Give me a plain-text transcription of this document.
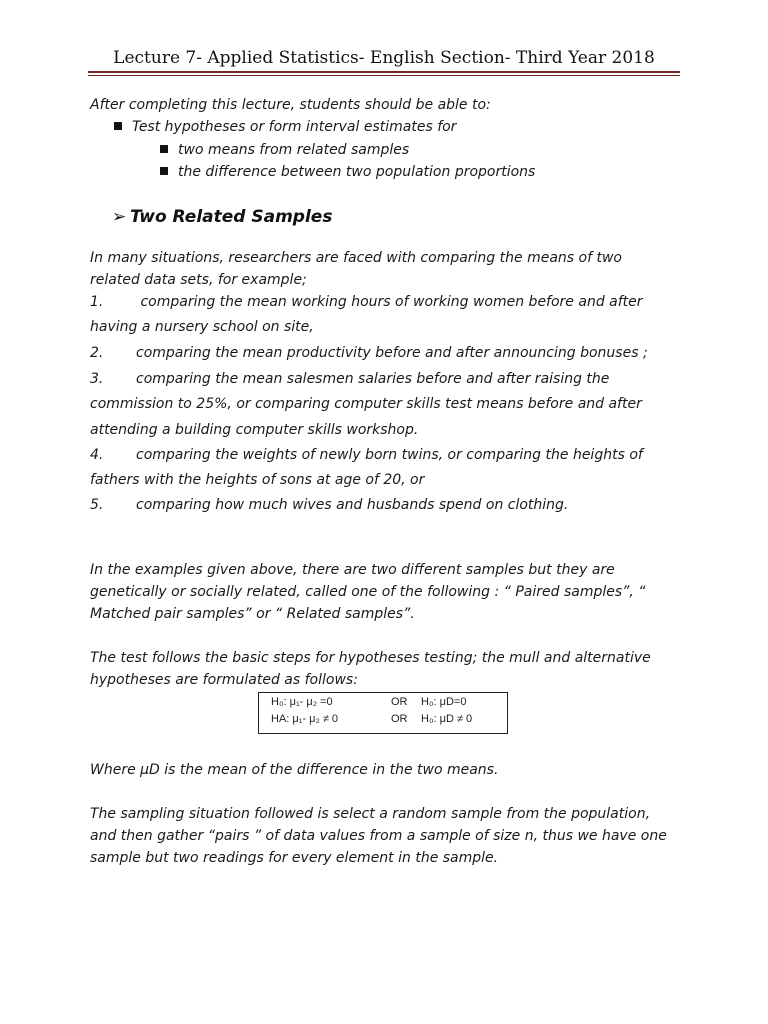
Lecture 7- Applied Statistics- English Section- Third Year 2018
After completing this lecture, students should be able to:
Test hypotheses or form interval estimates for
two means from related samples
the difference between two population proportions
➢ Two Related Samples
In many situations, researchers are faced with comparing the means of two
related data sets, for example;
1.	comparing the mean working hours of working women before and after
having a nursery school on site,
2. comparing the mean productivity before and after announcing bonuses ;
3. comparing the mean salesmen salaries before and after raising the
commission to 25%, or comparing computer skills test means before and after
attending a building computer skills workshop.
4. comparing the weights of newly born twins, or comparing the heights of
fathers with the heights of sons at age of 20, or
5. comparing how much wives and husbands spend on clothing.
In the examples given above, there are two different samples but they are
genetically or socially related, called one of the following : “ Paired samples”, “
Matched pair samples” or “ Related samples”.
The test follows the basic steps for hypotheses testing; the mull and alternative
hypotheses are formulated as follows:
H₀: μ₁- μ₂ =0	OR H₀: μD=0
HA: μ₁- μ₂ ≠ 0	OR H₀: μD ≠ 0
Where μD is the mean of the difference in the two means.
The sampling situation followed is select a random sample from the population,
and then gather “pairs ” of data values from a sample of size n, thus we have one
sample but two readings for every element in the sample.
